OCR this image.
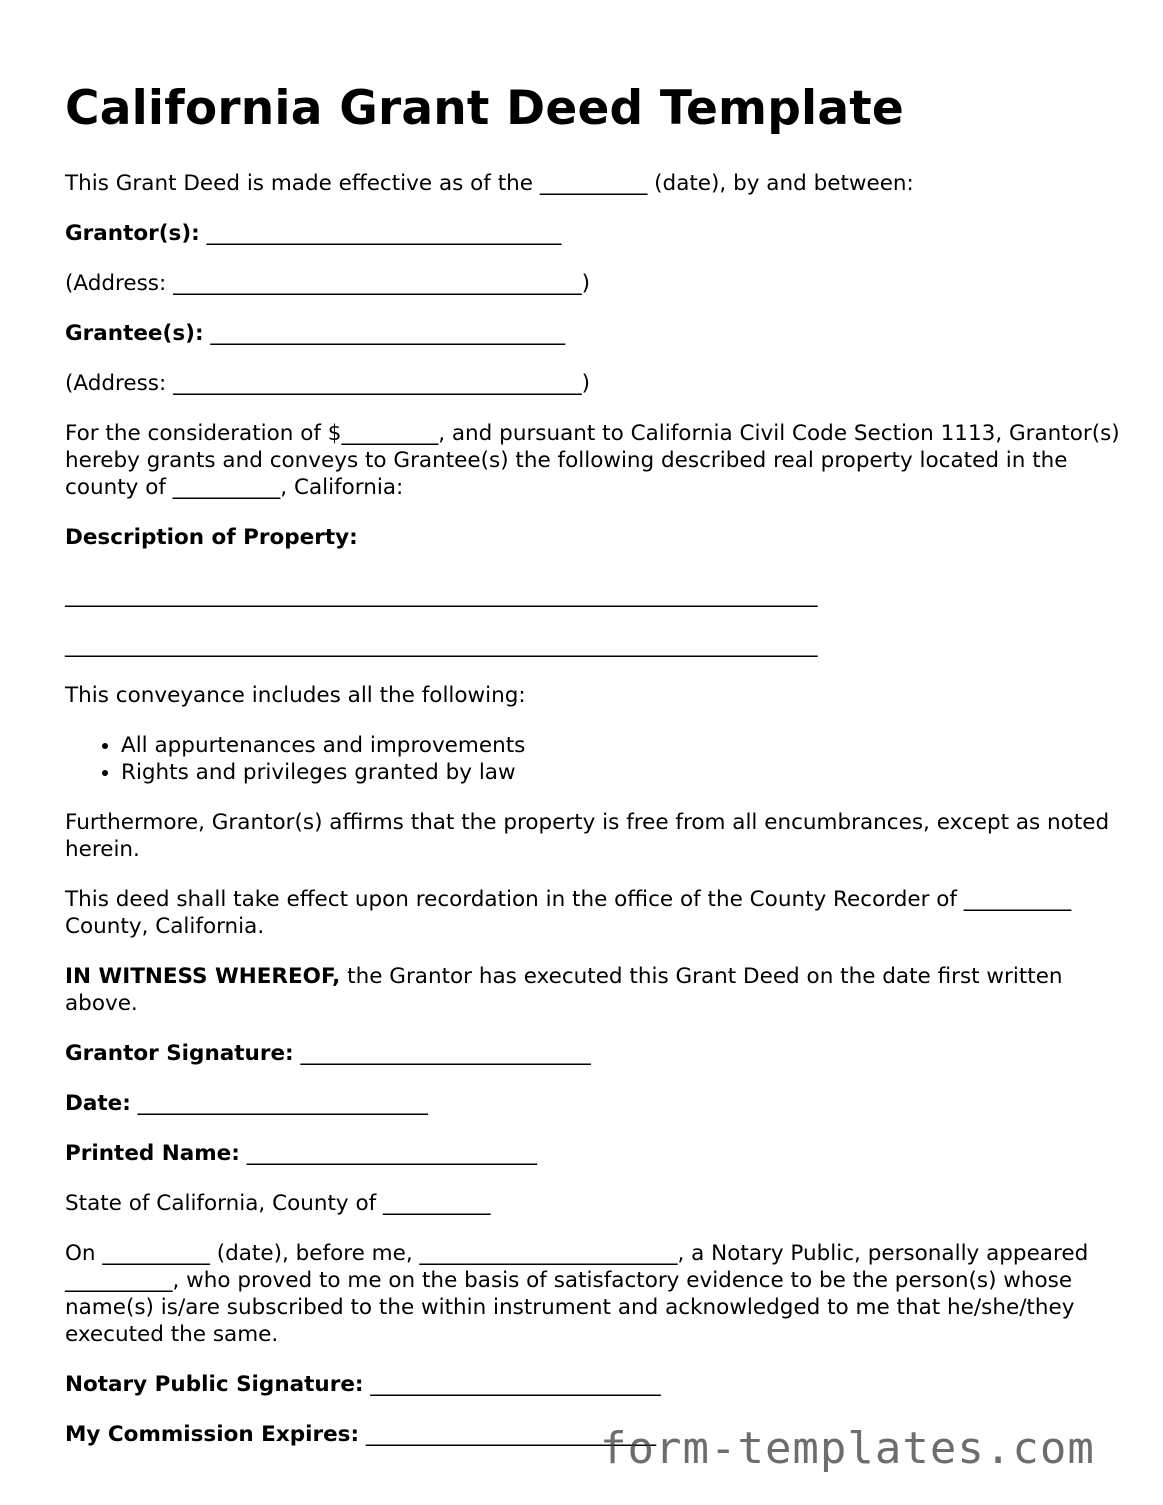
California Grant Deed Template

This Grant Deed is made effective as of the __________ (date), by and between:

Grantor(s): _________________________________

(Address: ______________________________________)

Grantee(s): _________________________________

(Address: ______________________________________)

For the consideration of $_________, and pursuant to California Civil Code Section 1113, Grantor(s) hereby grants and conveys to Grantee(s) the following described real property located in the county of __________, California:

Description of Property:

______________________________________________________________________

______________________________________________________________________

This conveyance includes all the following:

• All appurtenances and improvements
• Rights and privileges granted by law

Furthermore, Grantor(s) affirms that the property is free from all encumbrances, except as noted herein.

This deed shall take effect upon recordation in the office of the County Recorder of __________ County, California.

IN WITNESS WHEREOF, the Grantor has executed this Grant Deed on the date first written above.

Grantor Signature: ___________________________

Date: ___________________________

Printed Name: ___________________________

State of California, County of __________

On __________ (date), before me, ________________________, a Notary Public, personally appeared __________, who proved to me on the basis of satisfactory evidence to be the person(s) whose name(s) is/are subscribed to the within instrument and acknowledged to me that he/she/they executed the same.

Notary Public Signature: ___________________________

My Commission Expires: ___________________________

form-templates.com
